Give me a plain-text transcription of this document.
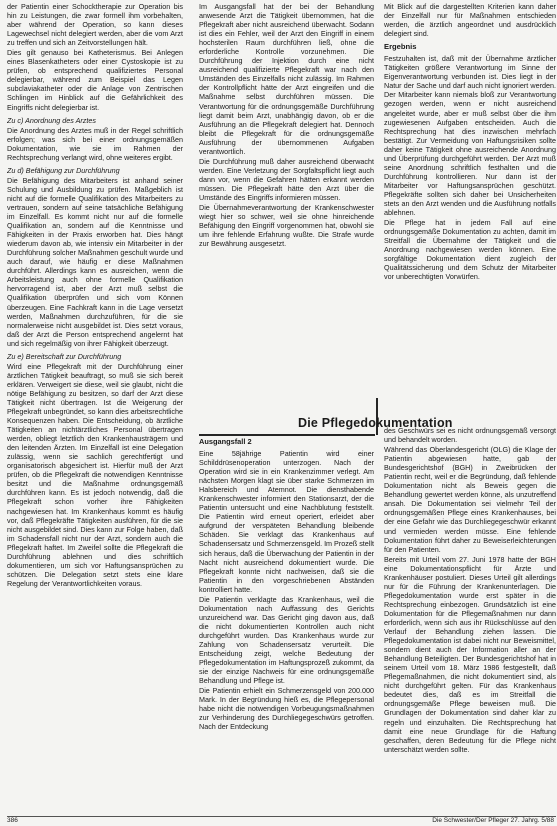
der Patientin einer Schocktherapie zur Operation bis hin zu Leistungen, die zwar formell ihm vorbehalten, aber während der Operation, so kann dieses Lagewechsel nicht delegiert werden, aber die vom Arzt zu treffen und sich an Zeitvorstellungen hält.

Dies gilt genauso bei Katheterismus. Bei Anlegen eines Blasenkatheters oder einer Cystoskopie ist zu prüfen, ob entsprechend qualifiziertes Personal delegierbar, während zum Beispiel das Legen subclaviakatheter oder die Anlage von Zentrischen Schlingen im Hinblick auf die Gefährlichkeit des Eingriffs nicht delegierbar ist.

Zu c) Anordnung des Arztes

Die Anordnung des Arztes muß in der Regel schriftlich erfolgen; was sich bei einer ordnungsgemäßen Dokumentation, wie sie im Rahmen der Rechtsprechung verlangt wird, ohne weiteres ergibt.

Zu d) Befähigung zur Durchführung

Die Befähigung des Mitarbeiters ist anhand seiner Schulung und Ausbildung zu prüfen. Maßgeblich ist nicht auf die formelle Qualifikation des Mitarbeiters zu vertrauen, sondern auf seine tatsächliche Befähigung im Einzelfall. Es kommt nicht nur auf die formelle Qualifikation an, sondern auf die Kenntnisse und Fähigkeiten in der Praxis erworben hat. Dies hängt wiederum davon ab, wie intensiv ein Mitarbeiter in der Durchführung solcher Maßnahmen geschult wurde und auch darauf, wie häufig er diese Maßnahmen durchführt. Allerdings kann es ausreichen, wenn die Arbeitsleistung auch ohne formelle Qualifikation hervorragend ist, aber der Arzt muß selbst die Qualifikation überprüfen und sich vom Können überzeugen. Eine Fachkraft kann in die Lage versetzt werden, Maßnahmen durchzuführen, für die sie normalerweise nicht ausgebildet ist. Dies setzt voraus, daß der Arzt die Person entsprechend angelernt hat und sich regelmäßig von ihrer Fähigkeit überzeugt.

Zu e) Bereitschaft zur Durchführung

Wird eine Pflegekraft mit der Durchführung einer ärztlichen Tätigkeit beauftragt, so muß sie sich bereit erklären. Verweigert sie diese, weil sie glaubt, nicht die nötige Befähigung zu besitzen, so darf der Arzt diese Tätigkeit nicht übertragen. Ist die Weigerung der Pflegekraft unbegründet, so kann dies arbeitsrechtliche Konsequenzen haben. Die Entscheidung, ob ärztliche Tätigkeiten an nichtärztliches Personal übertragen werden, obliegt letztlich den Krankenhausträgern und den leitenden Ärzten. Im Einzelfall ist eine Delegation zulässig, wenn sie sachlich gerechtfertigt und organisatorisch abgesichert ist. Hierfür muß der Arzt prüfen, ob die Pflegekraft die notwendigen Kenntnisse besitzt und die Maßnahme ordnungsgemäß durchführen kann. Es ist jedoch notwendig, daß die Pflegekraft schon vorher ihre Fähigkeiten nachgewiesen hat. Im Krankenhaus kommt es häufig vor, daß Pflegekräfte Tätigkeiten ausführen, für die sie nicht ausgebildet sind. Dies kann zur Folge haben, daß im Schadensfall nicht nur der Arzt, sondern auch die Pflegekraft haftet. Im Zweifel sollte die Pflegekraft die Durchführung ablehnen und dies schriftlich dokumentieren, um sich vor Haftungsansprüchen zu schützen. Die Delegation setzt stets eine klare Regelung der Verantwortlichkeiten voraus.

Im Ausgangsfall hat der bei der Behandlung anwesende Arzt die Tätigkeit übernommen, hat die Pflegekraft aber nicht ausreichend überwacht. Sodann ist dies ein Fehler, weil der Arzt den Eingriff in einem hochsterilen Raum durchführen ließ, ohne die erforderliche Kontrolle vorzunehmen. Die Durchführung der Injektion durch eine nicht ausreichend qualifizierte Pflegekraft war nach den Umständen des Einzelfalls nicht zulässig. Im Rahmen der Kontrollpflicht hätte der Arzt eingreifen und die Maßnahme selbst durchführen müssen. Die Verantwortung für die ordnungsgemäße Durchführung liegt damit beim Arzt, unabhängig davon, ob er die Ausführung an die Pflegekraft delegiert hat. Dennoch bleibt die Pflegekraft für die ordnungsgemäße Ausführung der übernommenen Aufgaben verantwortlich.

Die Durchführung muß daher ausreichend überwacht werden. Eine Verletzung der Sorgfaltspflicht liegt auch dann vor, wenn die Gefahren hätten erkannt werden müssen. Die Pflegekraft hätte den Arzt über die Umstände des Eingriffs informieren müssen.

Die Übernahmeverantwortung der Krankenschwester wiegt hier so schwer, weil sie ohne hinreichende Befähigung den Eingriff vorgenommen hat, obwohl sie um ihre fehlende Erfahrung wußte. Die Strafe wurde zur Bewährung ausgesetzt.

Mit Blick auf die dargestellten Kriterien kann daher der Einzelfall nur für Maßnahmen entschieden werden, die ärztlich angeordnet und ausdrücklich delegiert sind.

Ergebnis

Festzuhalten ist, daß mit der Übernahme ärztlicher Tätigkeiten größere Verantwortung im Sinne der Eigenverantwortung verbunden ist. Dies liegt in der Natur der Sache und darf auch nicht ignoriert werden. Der Mitarbeiter kann niemals bloß zur Verantwortung gezogen werden, wenn er nicht ausreichend angeleitet wurde, aber er muß selbst über die ihm zugewiesenen Aufgaben entscheiden. Auch die Rechtsprechung hat dies inzwischen mehrfach bestätigt. Zur Vermeidung von Haftungsrisiken sollte daher keine Tätigkeit ohne ausreichende Anordnung und Überprüfung durchgeführt werden. Der Arzt muß seine Anordnung schriftlich festhalten und die Durchführung kontrollieren. Nur dann ist der Mitarbeiter vor Haftungsansprüchen geschützt. Pflegekräfte sollten sich daher bei Unsicherheiten stets an den Arzt wenden und die Ausführung notfalls ablehnen.

Die Pflege hat in jedem Fall auf eine ordnungsgemäße Dokumentation zu achten, damit im Streitfall die Übernahme der Tätigkeit und die Anordnung nachgewiesen werden können. Eine sorgfältige Dokumentation dient zugleich der Qualitätssicherung und dem Schutz der Mitarbeiter vor unberechtigten Vorwürfen.

Die Pflegedokumentation

Ausgangsfall 2

Eine 58jährige Patientin wird einer Schilddrüsenoperation unterzogen. Nach der Operation wird sie in ein Krankenzimmer verlegt. Am nächsten Morgen klagt sie über starke Schmerzen im Halsbereich und Atemnot. Die diensthabende Krankenschwester informiert den Stationsarzt, der die Patientin untersucht und eine Nachblutung feststellt. Die Patientin wird erneut operiert, erleidet aber aufgrund der verspäteten Behandlung bleibende Schäden. Sie verklagt das Krankenhaus auf Schadensersatz und Schmerzensgeld. Im Prozeß stellt sich heraus, daß die Überwachung der Patientin in der Nacht nicht ausreichend dokumentiert wurde. Die Pflegekraft konnte nicht nachweisen, daß sie die Patientin in den vorgeschriebenen Abständen kontrolliert hatte.

Die Patientin verklagte das Krankenhaus, weil die Dokumentation nach Auffassung des Gerichts unzureichend war. Das Gericht ging davon aus, daß die nicht dokumentierten Kontrollen auch nicht durchgeführt wurden. Das Krankenhaus wurde zur Zahlung von Schadensersatz verurteilt. Die Entscheidung zeigt, welche Bedeutung der Pflegedokumentation im Haftungsprozeß zukommt, da sie der einzige Nachweis für eine ordnungsgemäße Behandlung und Pflege ist.

Die Patientin erhielt ein Schmerzensgeld von 200.000 Mark. In der Begründung hieß es, die Pflegepersonal habe nicht die notwendigen Vorbeugungsmaßnahmen zur Verhinderung des Durchliegegeschwürs getroffen. Nach der Entdeckung

des Geschwürs sei es nicht ordnungsgemäß versorgt und behandelt worden.

Während das Oberlandesgericht (OLG) die Klage der Patientin abgewiesen hatte, gab der Bundesgerichtshof (BGH) in Zweibrücken der Patientin recht, weil er die Begründung, daß fehlende Dokumentation nicht als Beweis gegen die Behandlung gewertet werden könne, als unzutreffend ansah. Die Dokumentation sei vielmehr Teil der ordnungsgemäßen Pflege eines Krankenhauses, bei der eine Gefahr wie das Durchliegegeschwür erkannt und vermieden werden müsse. Eine fehlende Dokumentation führt daher zu Beweiserleichterungen für den Patienten.

Bereits mit Urteil vom 27. Juni 1978 hatte der BGH eine Dokumentationspflicht für Ärzte und Krankenhäuser postuliert. Dieses Urteil gilt allerdings nur für die Führung der Krankenunterlagen. Die Pflegedokumentation wurde erst später in die Rechtsprechung einbezogen. Grundsätzlich ist eine Dokumentation für die Pflegemaßnahmen nur dann erforderlich, wenn sich aus ihr Rückschlüsse auf den Verlauf der Behandlung ziehen lassen. Die Pflegedokumentation ist dabei nicht nur Beweismittel, sondern dient auch der Information aller an der Behandlung Beteiligten. Der Bundesgerichtshof hat in seinem Urteil vom 18. März 1986 festgestellt, daß Pflegemaßnahmen, die nicht dokumentiert sind, als nicht durchgeführt gelten. Für das Krankenhaus bedeutet dies, daß es im Streitfall die ordnungsgemäße Pflege beweisen muß. Die Grundlagen der Dokumentation sind daher klar zu regeln und einzuhalten. Die Rechtsprechung hat damit eine neue Grundlage für die Haftung geschaffen, deren Bedeutung für die Pflege nicht unterschätzt werden sollte.

386	Die Schwester/Der Pfleger 27. Jahrg. 5/88
